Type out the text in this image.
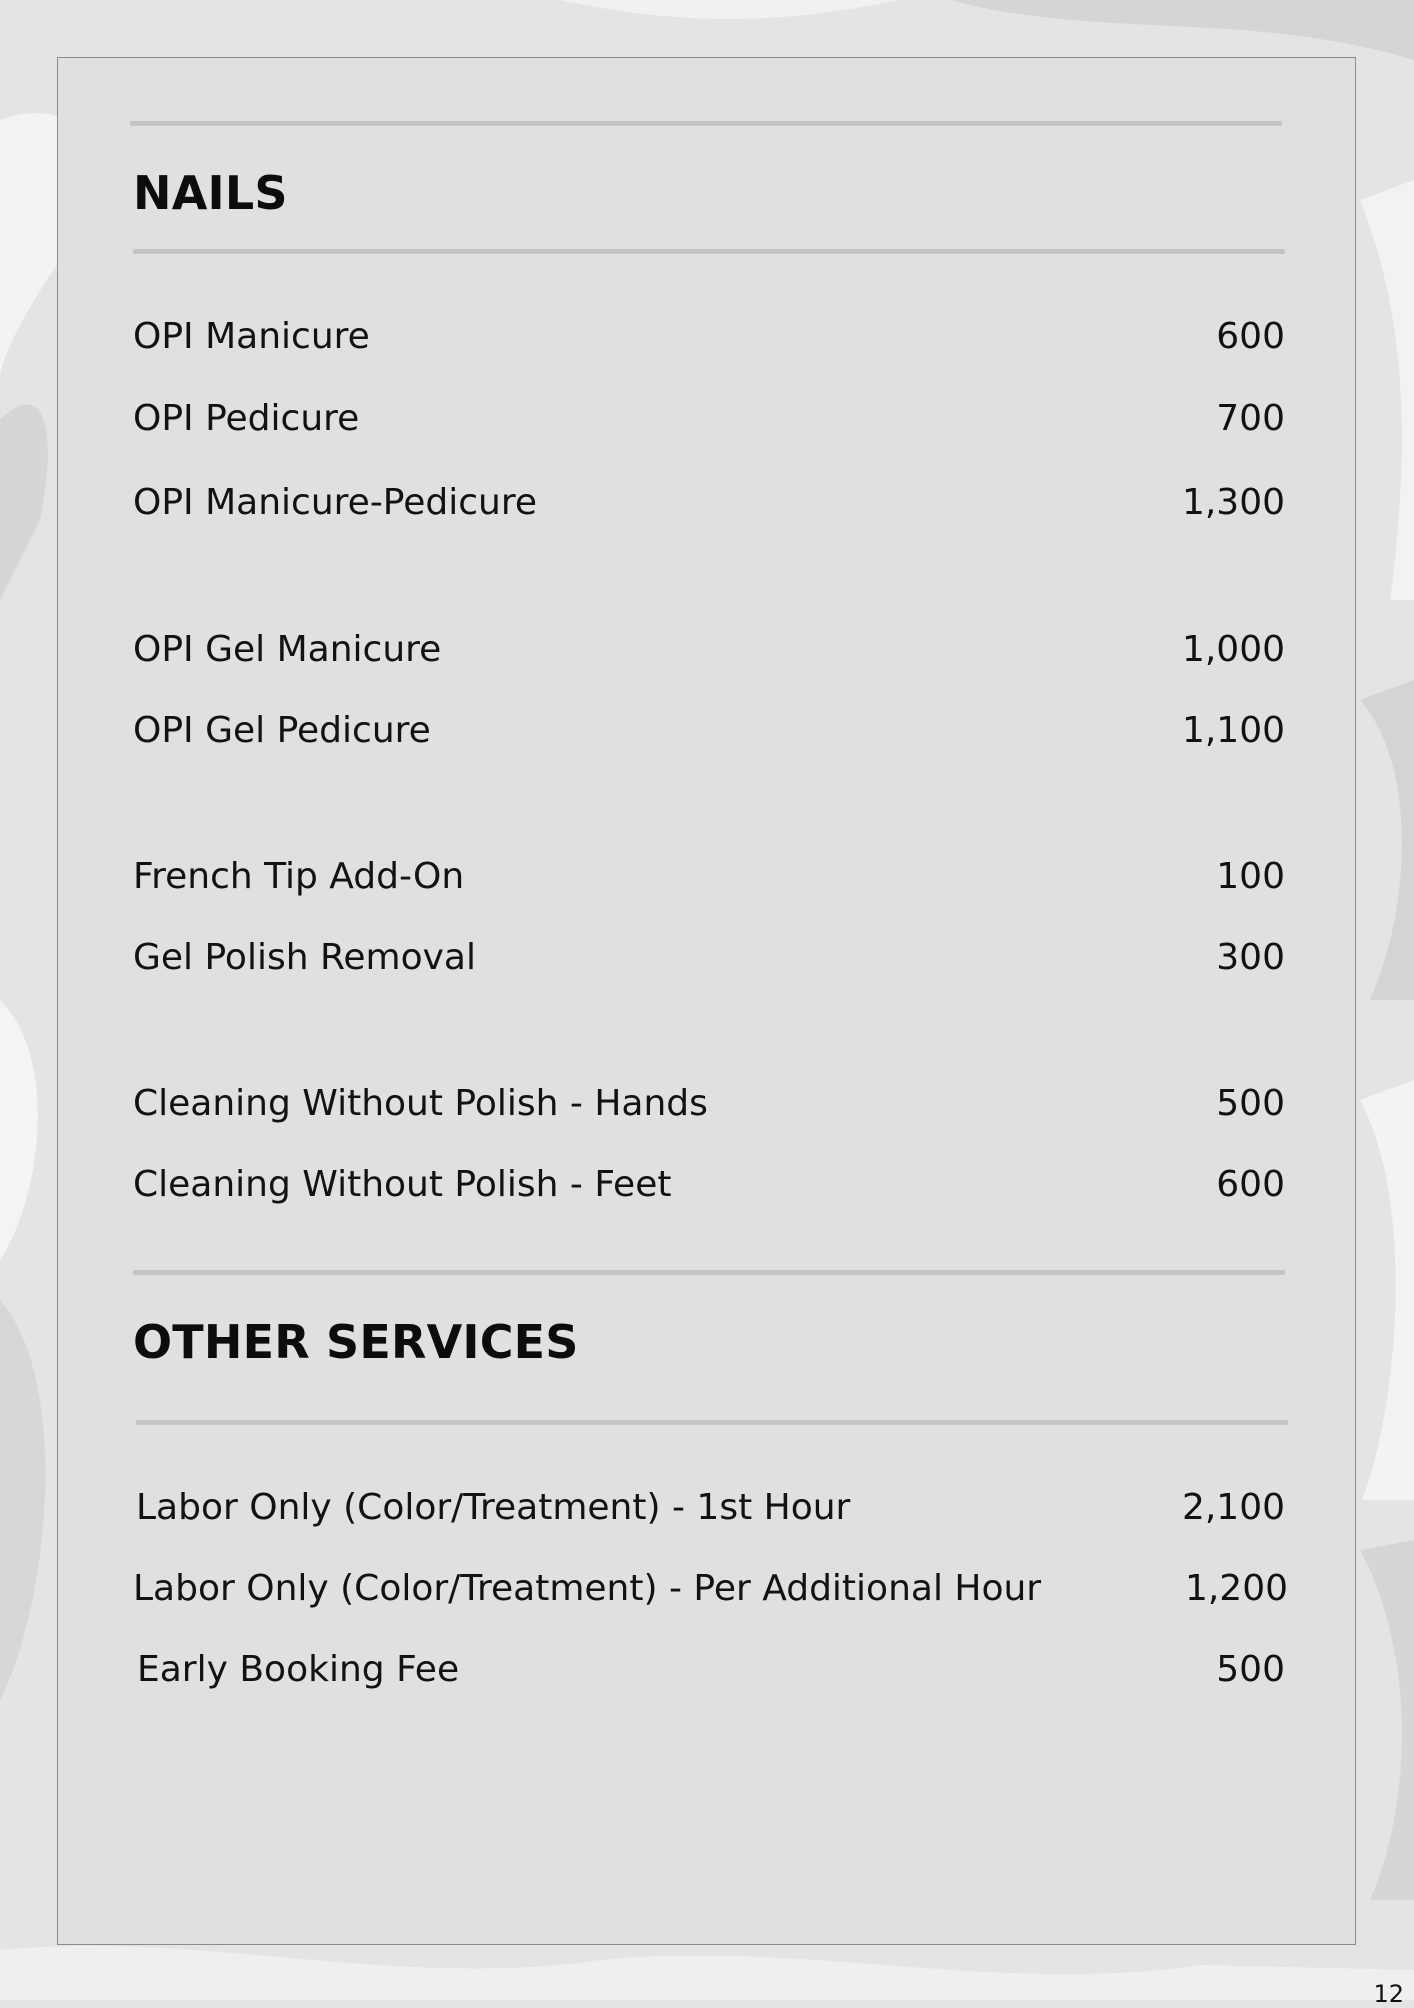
NAILS
OPI Manicure	600
OPI Pedicure	700
OPI Manicure-Pedicure	1,300
OPI Gel Manicure	1,000
OPI Gel Pedicure	1,100
French Tip Add-On	100
Gel Polish Removal	300
Cleaning Without Polish - Hands	500
Cleaning Without Polish - Feet	600
OTHER SERVICES
Labor Only (Color/Treatment) - 1st Hour	2,100
Labor Only (Color/Treatment) - Per Additional Hour	1,200
Early Booking Fee	500
12
